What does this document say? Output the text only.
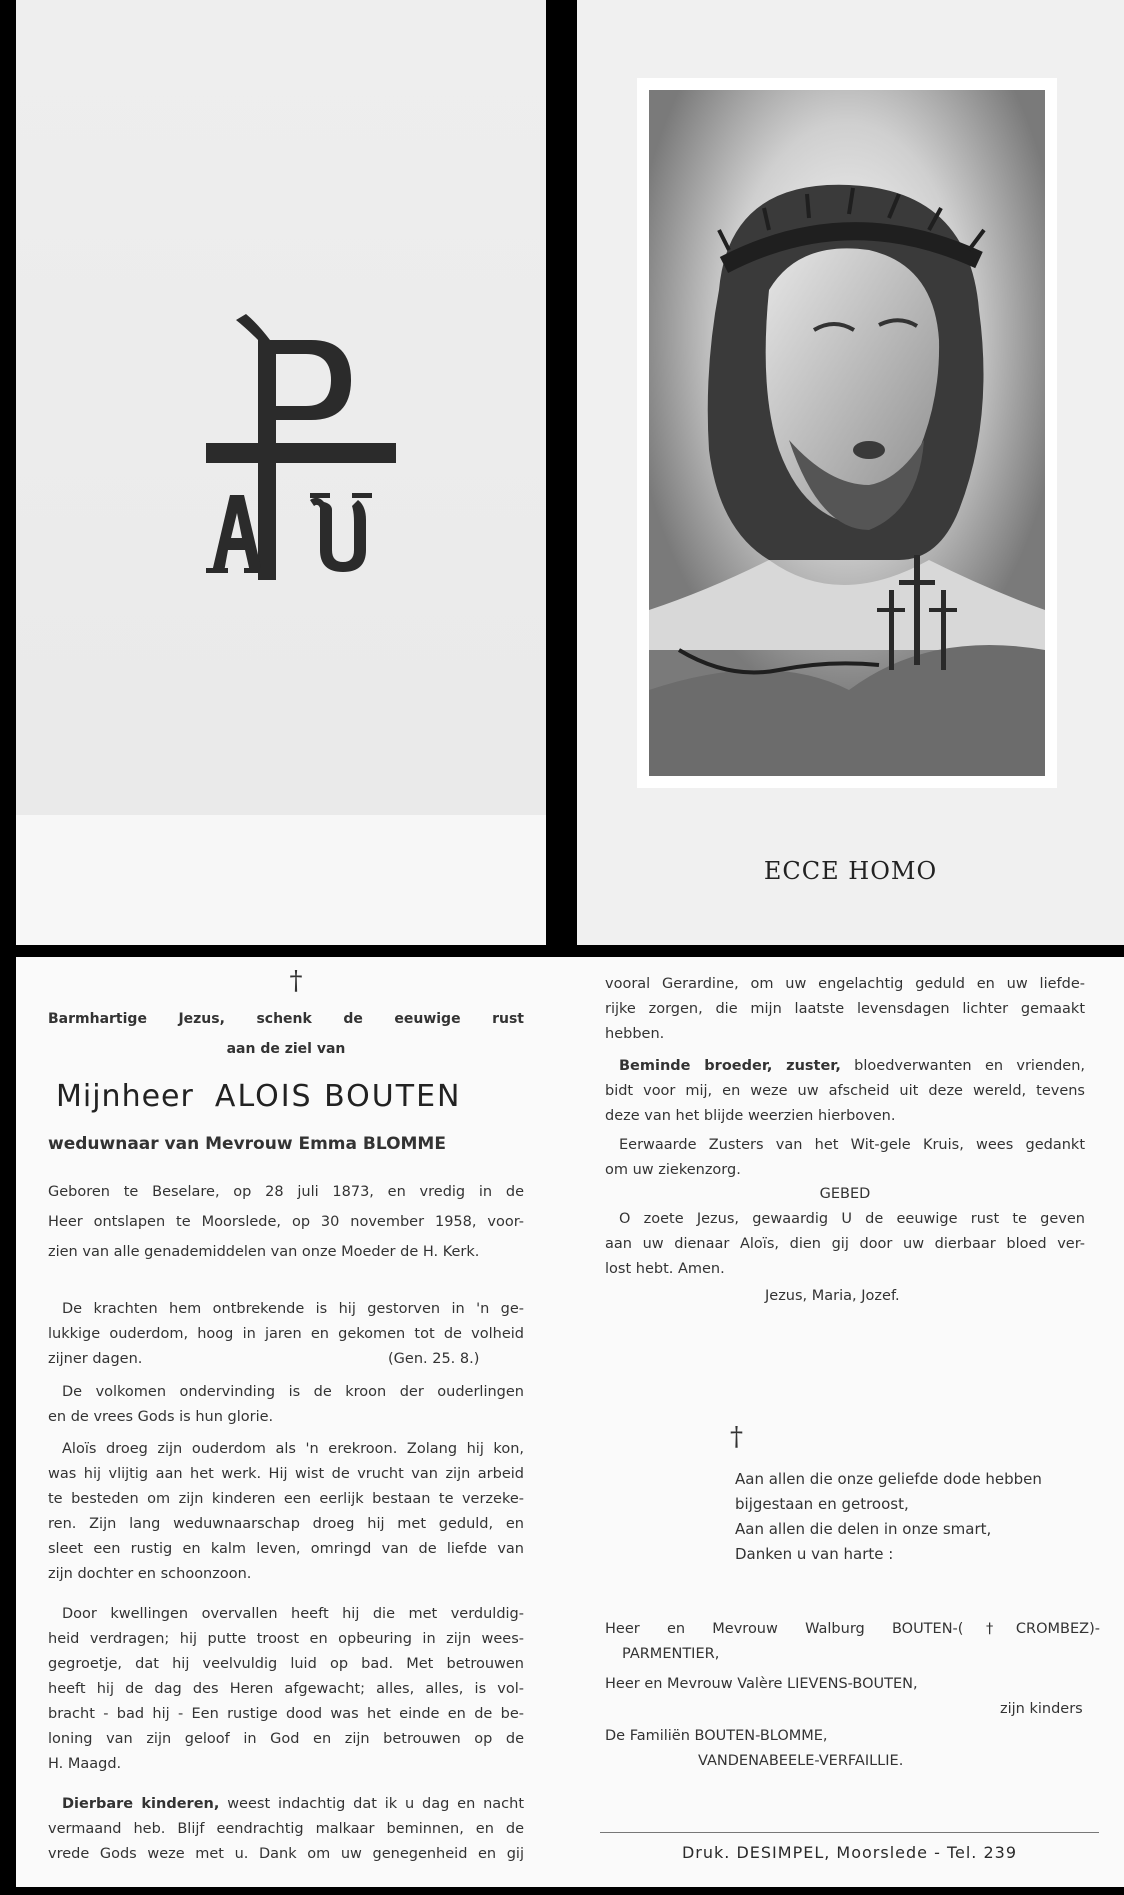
ECCE HOMO
†
Barmhartige Jezus, schenk de eeuwige rust
aan de ziel van
Mijnheer ALOIS BOUTEN
weduwnaar van Mevrouw Emma BLOMME
Geboren te Beselare, op 28 juli 1873, en vredig in de
Heer ontslapen te Moorslede, op 30 november 1958, voor-
zien van alle genademiddelen van onze Moeder de H. Kerk.
De krachten hem ontbrekende is hij gestorven in 'n ge-
lukkige ouderdom, hoog in jaren en gekomen tot de volheid
zijner dagen.	(Gen. 25. 8.)
De volkomen ondervinding is de kroon der ouderlingen
en de vrees Gods is hun glorie.
Aloïs droeg zijn ouderdom als 'n erekroon. Zolang hij kon,
was hij vlijtig aan het werk. Hij wist de vrucht van zijn arbeid
te besteden om zijn kinderen een eerlijk bestaan te verzeke-
ren. Zijn lang weduwnaarschap droeg hij met geduld, en
sleet een rustig en kalm leven, omringd van de liefde van
zijn dochter en schoonzoon.
Door kwellingen overvallen heeft hij die met verduldig-
heid verdragen; hij putte troost en opbeuring in zijn wees-
gegroetje, dat hij veelvuldig luid op bad. Met betrouwen
heeft hij de dag des Heren afgewacht; alles, alles, is vol-
bracht - bad hij - Een rustige dood was het einde en de be-
loning van zijn geloof in God en zijn betrouwen op de
H. Maagd.
Dierbare kinderen, weest indachtig dat ik u dag en nacht
vermaand heb. Blijf eendrachtig malkaar beminnen, en de
vrede Gods weze met u. Dank om uw genegenheid en gij
vooral Gerardine, om uw engelachtig geduld en uw liefde-
rijke zorgen, die mijn laatste levensdagen lichter gemaakt
hebben.
Beminde broeder, zuster, bloedverwanten en vrienden,
bidt voor mij, en weze uw afscheid uit deze wereld, tevens
deze van het blijde weerzien hierboven.
Eerwaarde Zusters van het Wit-gele Kruis, wees gedankt
om uw ziekenzorg.
GEBED
O zoete Jezus, gewaardig U de eeuwige rust te geven
aan uw dienaar Aloïs, dien gij door uw dierbaar bloed ver-
lost hebt. Amen.
Jezus, Maria, Jozef.
†
Aan allen die onze geliefde dode hebben
bijgestaan en getroost,
Aan allen die delen in onze smart,
Danken u van harte :
Heer en Mevrouw Walburg BOUTEN-(†CROMBEZ)-
PARMENTIER,
Heer en Mevrouw Valère LIEVENS-BOUTEN,
zijn kinders
De Familiën BOUTEN-BLOMME,
VANDENABEELE-VERFAILLIE.
Druk. DESIMPEL, Moorslede - Tel. 239
